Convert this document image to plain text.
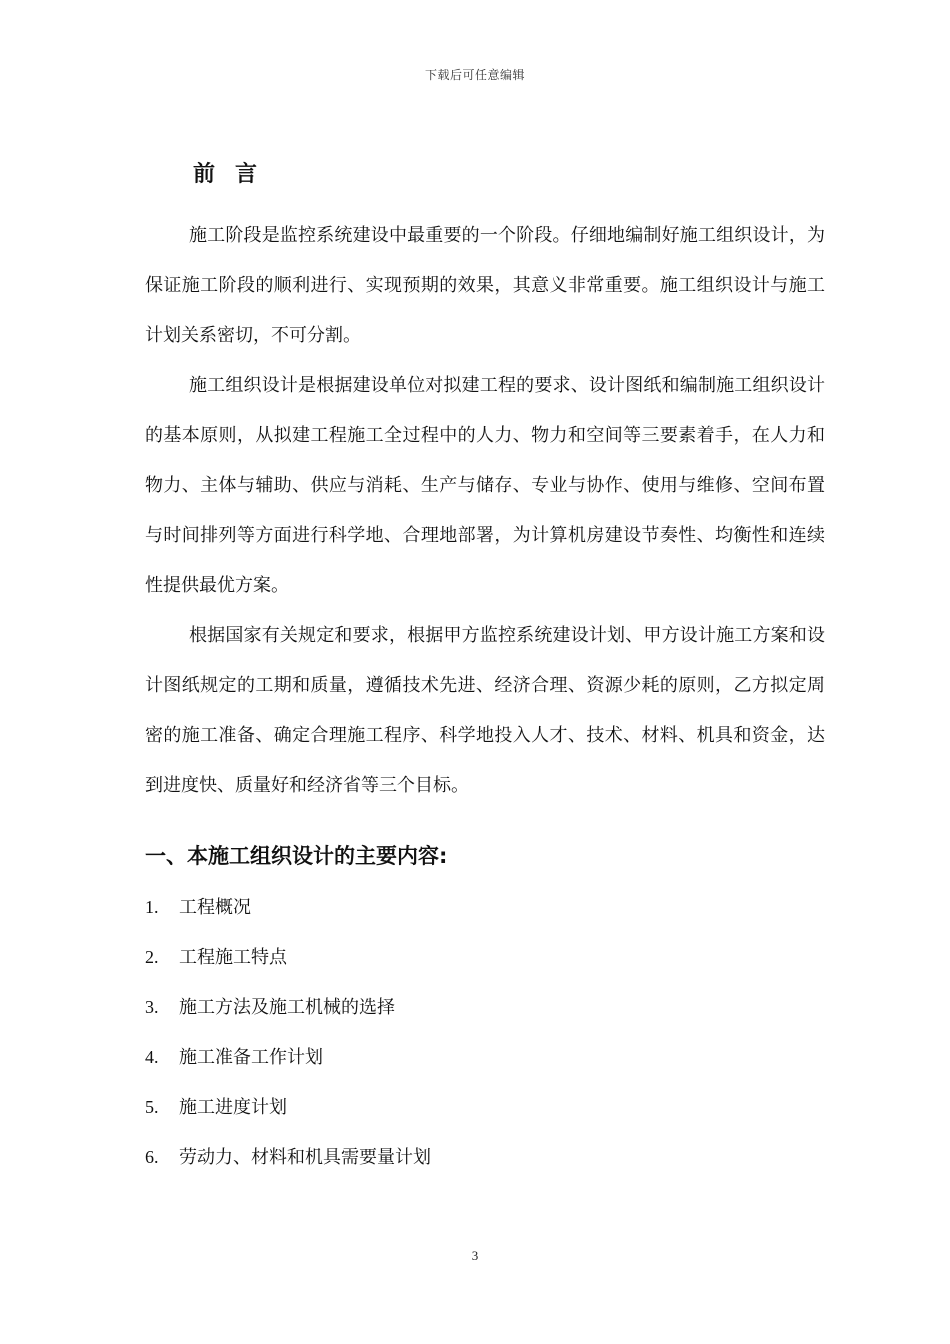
下载后可任意编辑
前言

施工阶段是监控系统建设中最重要的一个阶段。仔细地编制好施工组织设计，为保证施工阶段的顺利进行、实现预期的效果，其意义非常重要。施工组织设计与施工计划关系密切，不可分割。

施工组织设计是根据建设单位对拟建工程的要求、设计图纸和编制施工组织设计的基本原则，从拟建工程施工全过程中的人力、物力和空间等三要素着手，在人力和物力、主体与辅助、供应与消耗、生产与储存、专业与协作、使用与维修、空间布置与时间排列等方面进行科学地、合理地部署，为计算机房建设节奏性、均衡性和连续性提供最优方案。

根据国家有关规定和要求，根据甲方监控系统建设计划、甲方设计施工方案和设计图纸规定的工期和质量，遵循技术先进、经济合理、资源少耗的原则，乙方拟定周密的施工准备、确定合理施工程序、科学地投入人才、技术、材料、机具和资金，达到进度快、质量好和经济省等三个目标。

一、本施工组织设计的主要内容:
1. 工程概况
2. 工程施工特点
3. 施工方法及施工机械的选择
4. 施工准备工作计划
5. 施工进度计划
6. 劳动力、材料和机具需要量计划
3
